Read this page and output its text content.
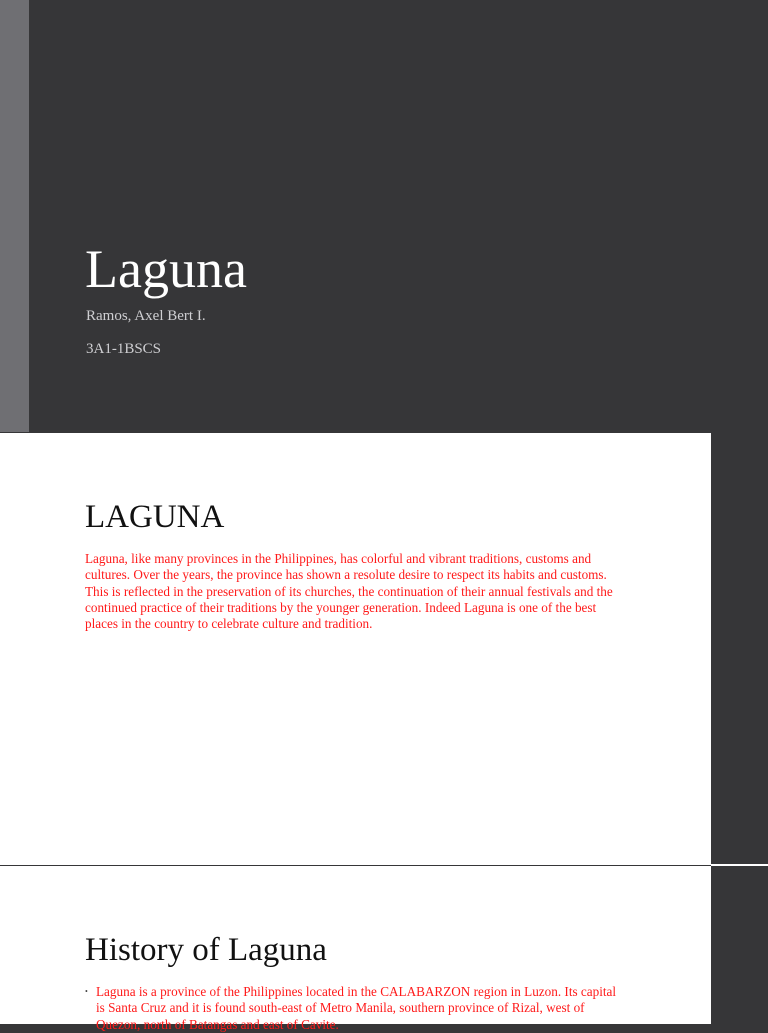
Laguna
Ramos, Axel Bert I.
3A1-1BSCS
LAGUNA

Laguna, like many provinces in the Philippines, has colorful and vibrant traditions, customs and cultures. Over the years, the province has shown a resolute desire to respect its habits and customs. This is reflected in the preservation of its churches, the continuation of their annual festivals and the continued practice of their traditions by the younger generation. Indeed Laguna is one of the best places in the country to celebrate culture and tradition.

History of Laguna
• Laguna is a province of the Philippines located in the CALABARZON region in Luzon. Its capital is Santa Cruz and it is found south-east of Metro Manila, southern province of Rizal, west of Quezon, north of Batangas and east of Cavite.
